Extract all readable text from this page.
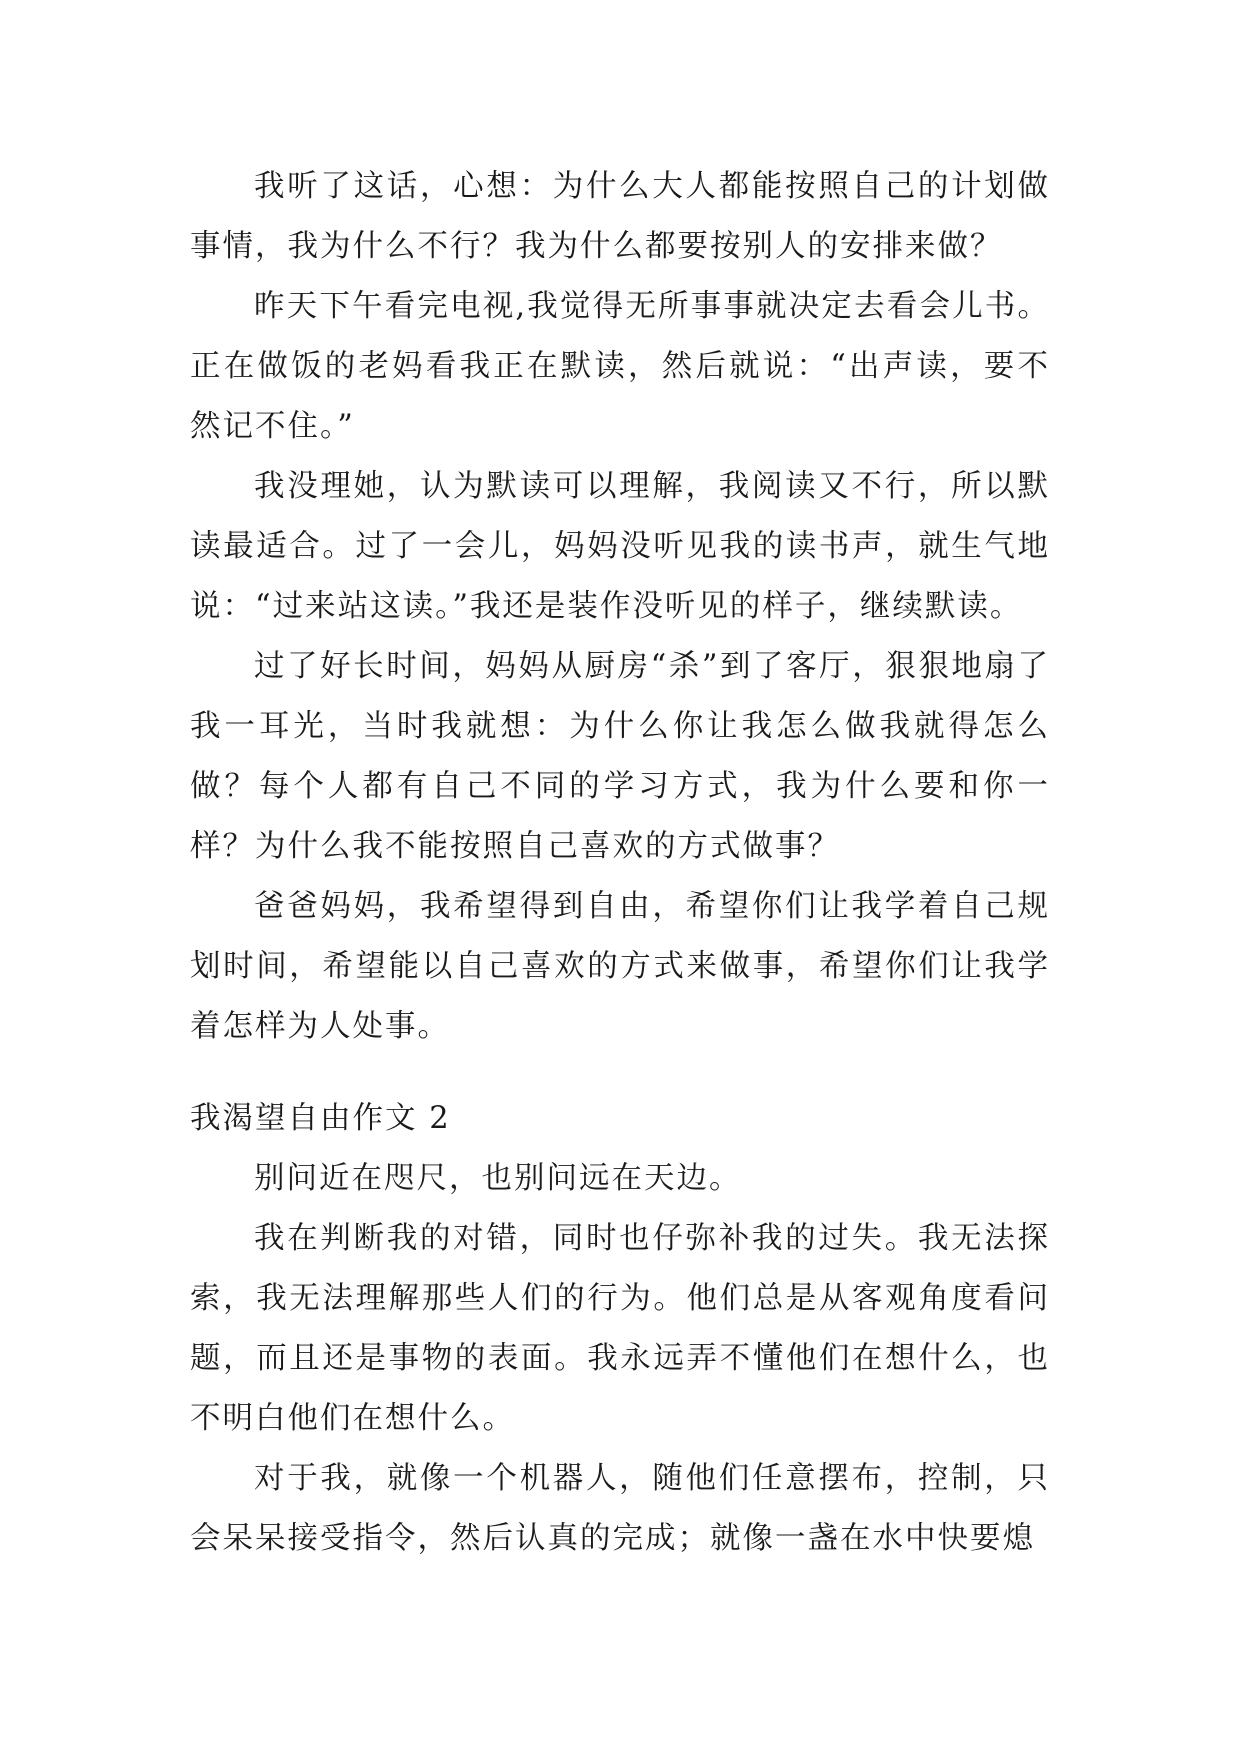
我听了这话，心想：为什么大人都能按照自己的计划做事情，我为什么不行？我为什么都要按别人的安排来做？

昨天下午看完电视,我觉得无所事事就决定去看会儿书。正在做饭的老妈看我正在默读，然后就说：“出声读，要不然记不住。”

我没理她，认为默读可以理解，我阅读又不行，所以默读最适合。过了一会儿，妈妈没听见我的读书声，就生气地说：“过来站这读。”我还是装作没听见的样子，继续默读。

过了好长时间，妈妈从厨房“杀”到了客厅，狠狠地扇了我一耳光，当时我就想：为什么你让我怎么做我就得怎么做？每个人都有自己不同的学习方式，我为什么要和你一样？为什么我不能按照自己喜欢的方式做事？

爸爸妈妈，我希望得到自由，希望你们让我学着自己规划时间，希望能以自己喜欢的方式来做事，希望你们让我学着怎样为人处事。

我渴望自由作文 2

别问近在咫尺，也别问远在天边。

我在判断我的对错，同时也仔弥补我的过失。我无法探索，我无法理解那些人们的行为。他们总是从客观角度看问题，而且还是事物的表面。我永远弄不懂他们在想什么，也不明白他们在想什么。

对于我，就像一个机器人，随他们任意摆布，控制，只会呆呆接受指令，然后认真的完成；就像一盏在水中快要熄
